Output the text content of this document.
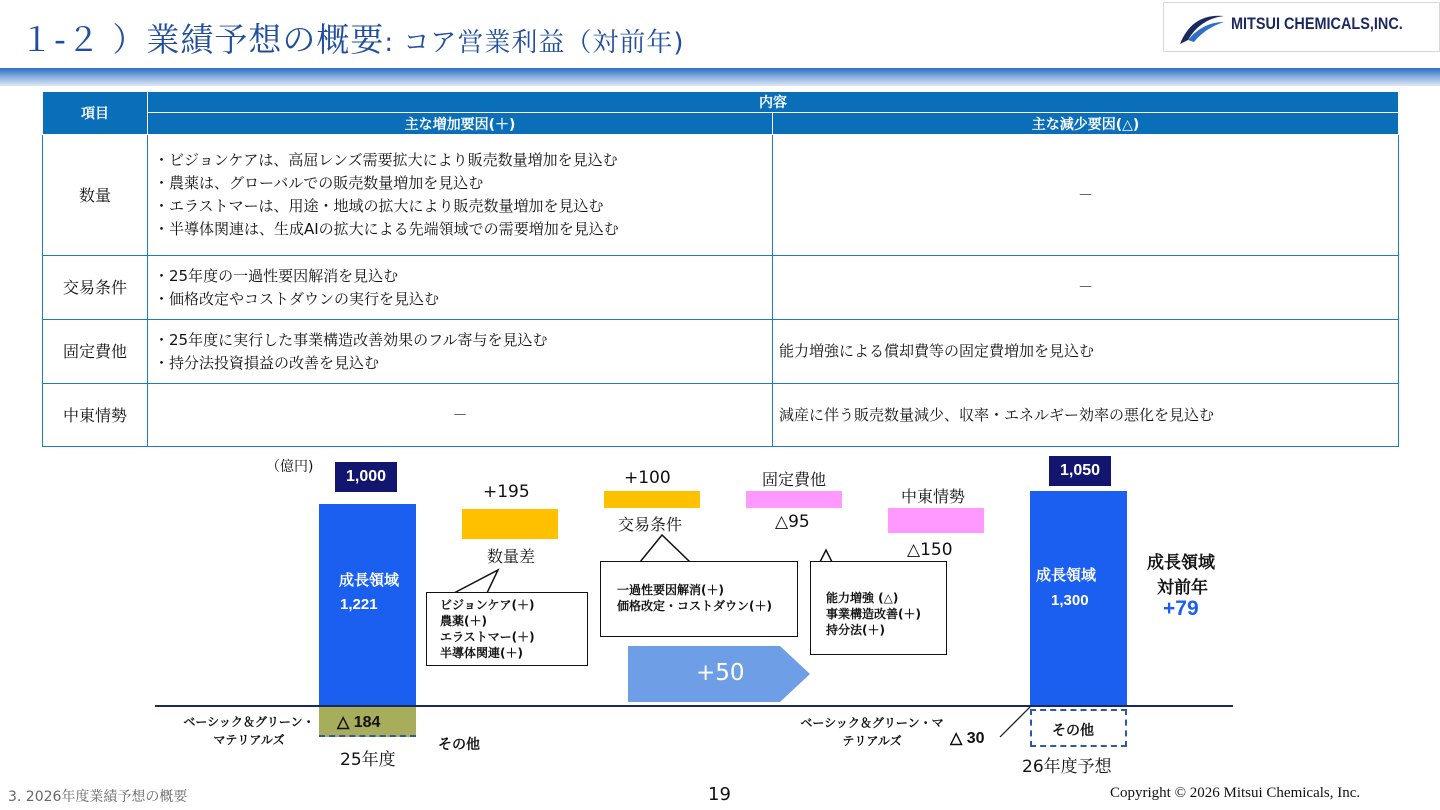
１-２ ）業績予想の概要: コア営業利益（対前年)
MITSUI CHEMICALS,INC.
項目	内容	
	主な増加要因(＋)	主な減少要因(△)
数量	・ビジョンケアは、高屈レンズ需要拡大により販売数量増加を見込む
・農薬は、グローバルでの販売数量増加を見込む
・エラストマーは、用途・地域の拡大により販売数量増加を見込む
・半導体関連は、生成AIの拡大による先端領域での需要増加を見込む	－
交易条件	・25年度の一過性要因解消を見込む
・価格改定やコストダウンの実行を見込む	－
固定費他	・25年度に実行した事業構造改善効果のフル寄与を見込む
・持分法投資損益の改善を見込む	能力増強による償却費等の固定費増加を見込む
中東情勢	－	減産に伴う販売数量減少、収率・エネルギー効率の悪化を見込む
（億円)
1,000
成長領域
1,221
△ 184
ベーシック＆グリーン・マテリアルズ	その他
25年度
+195
数量差
+100
交易条件
固定費他
△95
中東情勢
△150
+50
1,050
成長領域
1,300
その他
ベーシック＆グリーン・マテリアルズ	△ 30
26年度予想
成長領域
対前年
+79
ビジョンケア(＋)
農薬(＋)
エラストマー(＋)
半導体関連(＋)
一過性要因解消(＋)
価格改定・コストダウン(＋)
能力増強 (△)
事業構造改善(＋)
持分法(＋)
3. 2026年度業績予想の概要	19	Copyright © 2026 Mitsui Chemicals, Inc.
